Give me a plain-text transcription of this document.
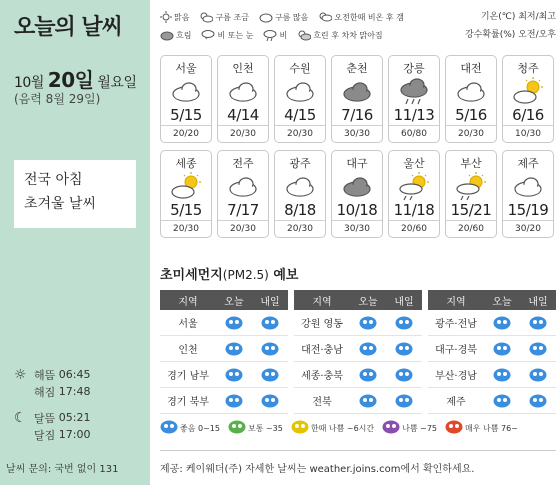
오늘의 날씨
10월 20일 월요일
(음력 8월 29일)
전국 아침
초겨울 날씨
☼ 해뜸
06:45
해짐
17:48
☾ 달뜸
05:21
달짐
17:00
날씨 문의: 국번 없이 131
맑음	구름 조금	구름 많음	오전한때 비온 후 갬
흐림
*
비 또는 눈	비	흐린 후 차차 맑아짐
기온(℃) 최저/최고
강수확률(%) 오전/오후
서울
5/15
20/20
인천
4/14
20/30
수원
4/15
20/30
춘천
7/16
30/30
강릉
11/13
60/80
대전
5/16
20/30
청주
6/16
10/30
세종
5/15
20/30
전주
7/17
20/30
광주
8/18
20/30
대구
10/18
30/30
울산
11/18
20/60
부산
15/21
20/60
제주
15/19
30/20
초미세먼지(PM2.5) 예보
지역	오늘	내일
서울
인천
경기 남부
경기 북부
지역	오늘	내일
강원 영동
대전·충남
세종·충북
전북
지역	오늘	내일
광주·전남
대구·경북
부산·경남
제주
좋음 0~15	보통 ~35	한때 나쁨 ~6시간	나쁨 ~75	매우 나쁨 76~
제공: 케이웨더(주) 자세한 날씨는 weather.joins.com에서 확인하세요.
